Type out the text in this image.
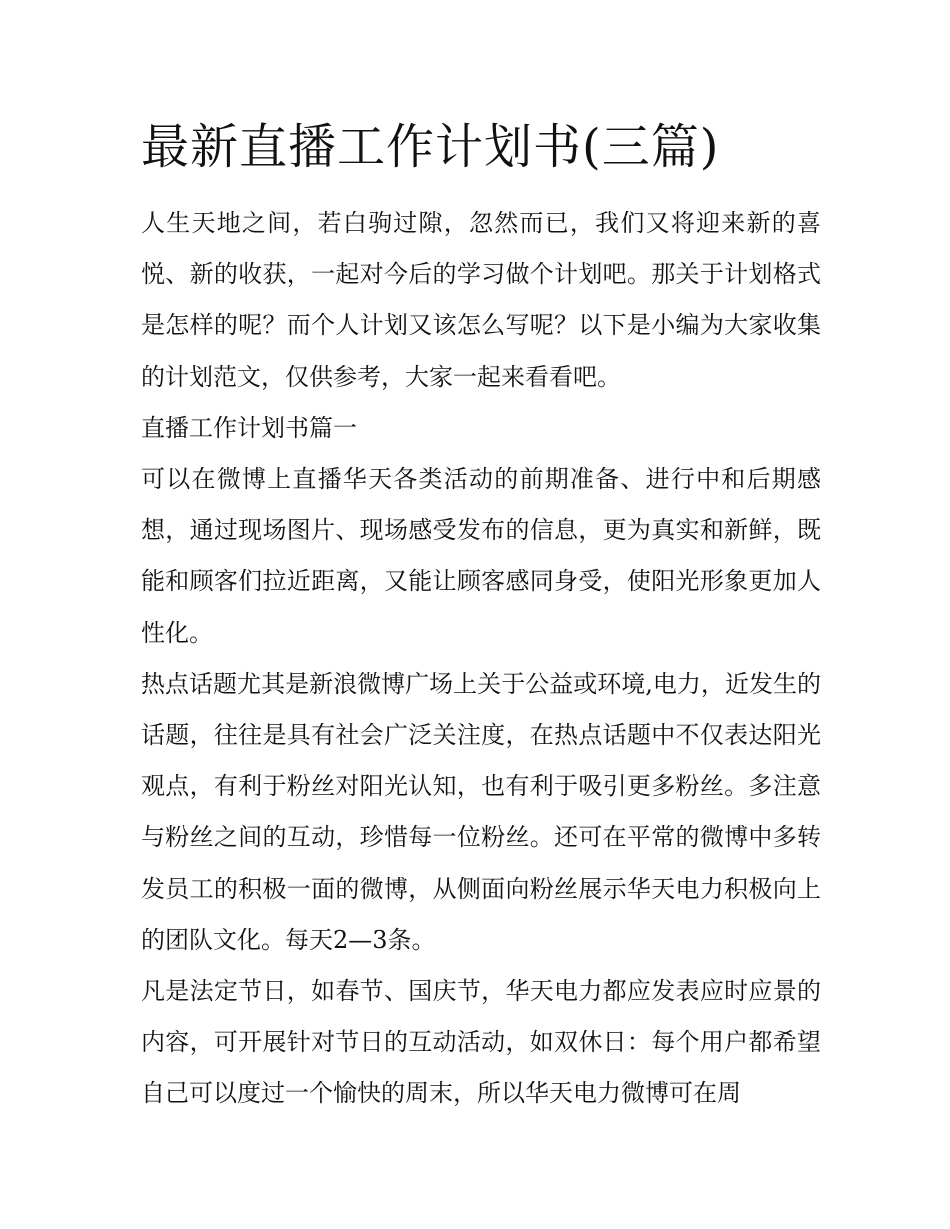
最新直播工作计划书(三篇)

人生天地之间，若白驹过隙，忽然而已，我们又将迎来新的喜悦、新的收获，一起对今后的学习做个计划吧。那关于计划格式是怎样的呢？而个人计划又该怎么写呢？以下是小编为大家收集的计划范文，仅供参考，大家一起来看看吧。

直播工作计划书篇一

可以在微博上直播华天各类活动的前期准备、进行中和后期感想，通过现场图片、现场感受发布的信息，更为真实和新鲜，既能和顾客们拉近距离，又能让顾客感同身受，使阳光形象更加人性化。

热点话题尤其是新浪微博广场上关于公益或环境,电力，近发生的话题，往往是具有社会广泛关注度，在热点话题中不仅表达阳光观点，有利于粉丝对阳光认知，也有利于吸引更多粉丝。多注意与粉丝之间的互动，珍惜每一位粉丝。还可在平常的微博中多转发员工的积极一面的微博，从侧面向粉丝展示华天电力积极向上的团队文化。每天2—3条。

凡是法定节日，如春节、国庆节，华天电力都应发表应时应景的内容，可开展针对节日的互动活动，如双休日：每个用户都希望自己可以度过一个愉快的周末，所以华天电力微博可在周
